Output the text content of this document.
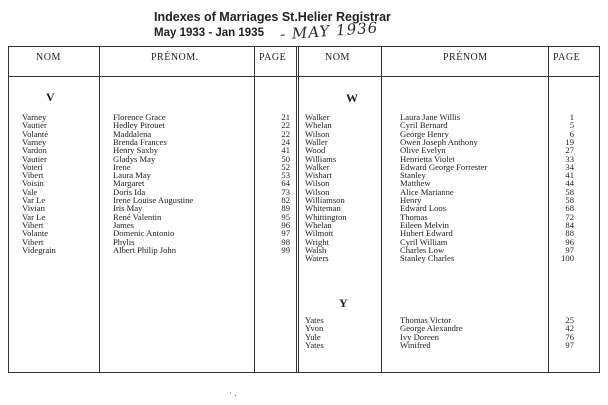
Indexes of Marriages St.Helier Registrar
May 1933 - Jan 1935 - MAY 1936
NOM	PRÉNOM.	PAGE	NOM	PRÉNOM	PAGE
V	W
Y
Varney	Florence Grace	21
Vautier	Hedley Pirouet	22
Volanté	Maddalena	22
Varney	Brenda Frances	24
Vardon	Henry Saxby	41
Vautier	Gladys May	50
Voteri	Irene	52
Vibert	Laura May	53
Voisin	Margaret	64
Vale	Doris Ida	73
Var Le	Irene Louise Augustine	82
Vivian	Iris May	89
Var Le	René Valentin	95
Vibert	James	96
Volante	Domenic Antonio	97
Vibert	Phylis	98
Videgrain	Albert Philip John	99
Walker	Laura Jane Willis	1
Whelan	Cyril Bernard	5
Wilson	George Henry	6
Waller	Owen Joseph Anthony	19
Wood	Olive Evelyn	27
Williams	Henrietta Violet	33
Walker	Edward George Forrester	34
Wishart	Stanley	41
Wilson	Matthew	44
Wilson	Alice Marianne	58
Williamson	Henry	58
Whiteman	Edward Loos	68
Whittington	Thomas	72
Whelan	Eileen Melvin	84
Wilmott	Hubert Edward	88
Wright	Cyril William	96
Walsh	Charles Low	97
Waters	Stanley Charles	100
Yates	Thomas Victor	25
Yvon	George Alexandre	42
Yule	Ivy Doreen	76
Yates	Winifred	97
· .
